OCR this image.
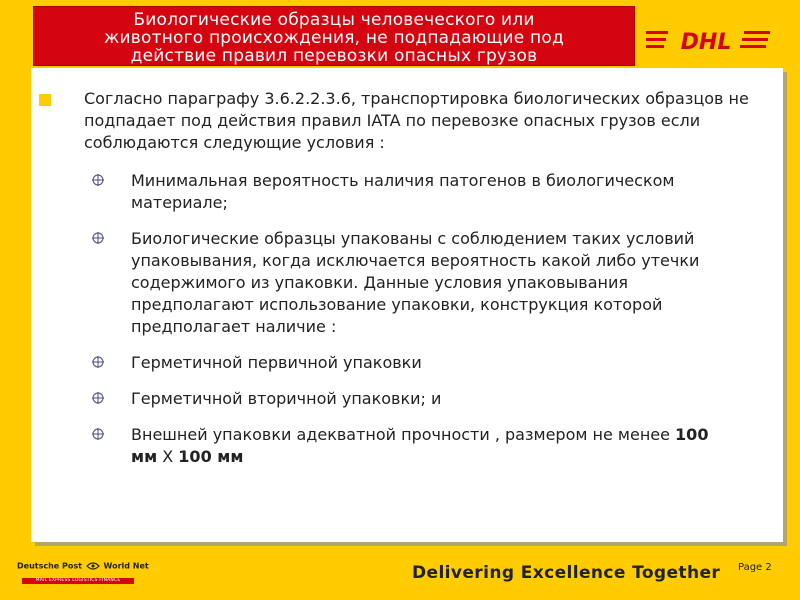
Биологические образцы человеческого или
животного происхождения, не подпадающие под
действие правил перевозки опасных грузов
DHL
Согласно параграфу 3.6.2.2.3.6, транспортировка биологических образцов не подпадает под действия правил IATA по перевозке опасных грузов если соблюдаются следующие условия :
Минимальная вероятность наличия патогенов в биологическом материале;
Биологические образцы упакованы с соблюдением таких условий упаковывания, когда исключается вероятность какой либо утечки содержимого из упаковки. Данные условия упаковывания предполагают использование упаковки, конструкция которой предполагает наличие :
Герметичной первичной упаковки
Герметичной вторичной упаковки; и
Внешней упаковки адекватной прочности , размером не менее 100 мм X 100 мм
Deutsche Post	World Net
MAIL EXPRESS LOGISTICS FINANCE	Delivering Excellence Together Page 2
